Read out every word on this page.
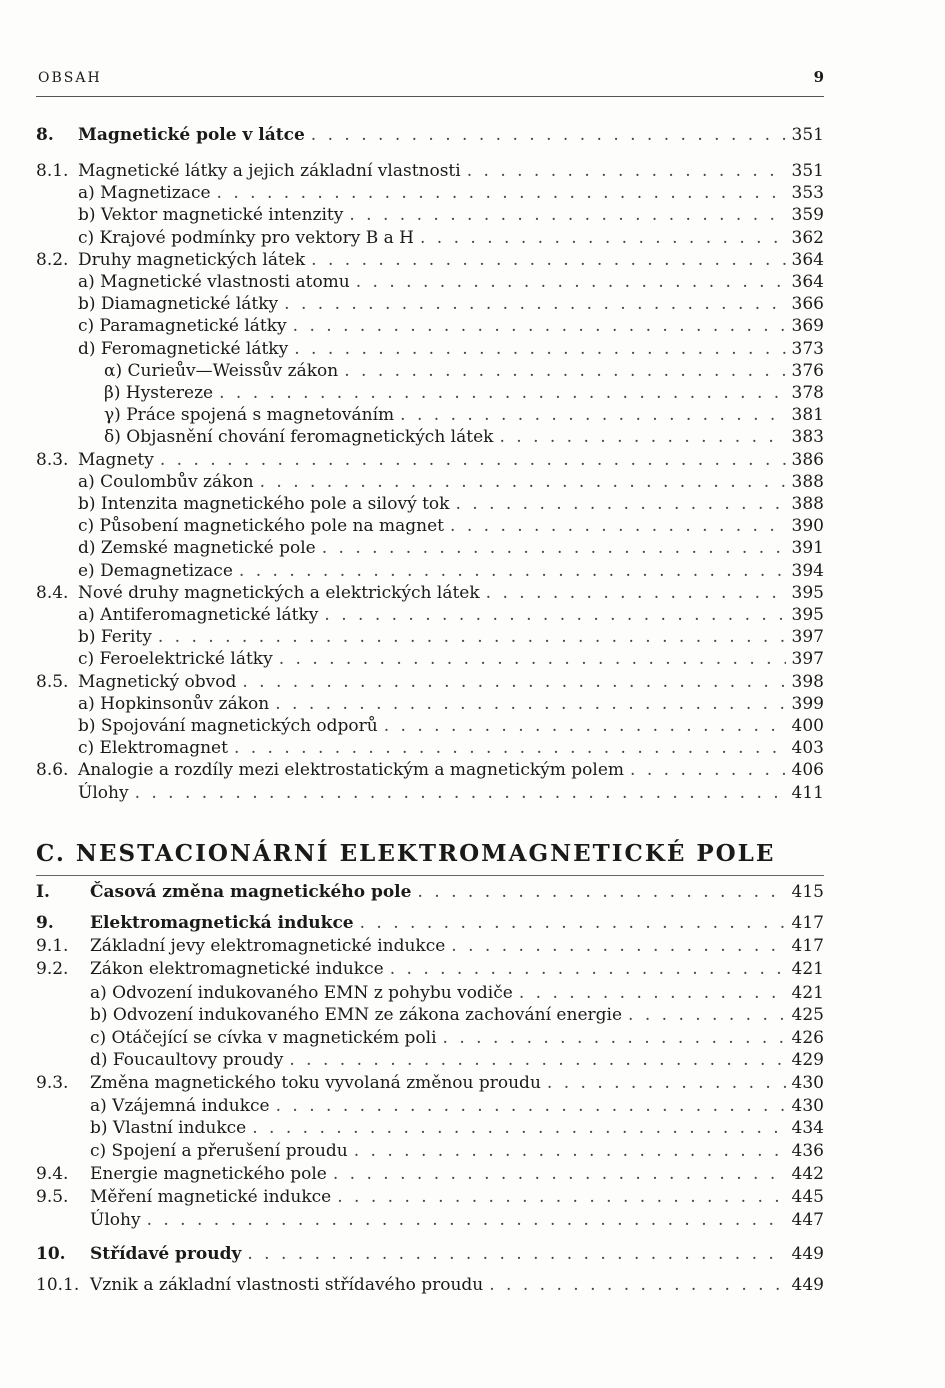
OBSAH	9
8.	Magnetické pole v látce . . .	351
8.1. Magnetické látky a jejich základní vlastnosti . . .	351
a) Magnetizace . . .	353
b) Vektor magnetické intenzity . . .	359
c) Krajové podmínky pro vektory B a H . . .	362
8.2. Druhy magnetických látek . . .	364
a) Magnetické vlastnosti atomu . . .	364
b) Diamagnetické látky . . .	366
c) Paramagnetické látky . . .	369
d) Feromagnetické látky . . .	373
α) Curieův—Weissův zákon . . .	376
β) Hystereze . . .	378
γ) Práce spojená s magnetováním . . .	381
δ) Objasnění chování feromagnetických látek . . .	383
8.3. Magnety . . .	386
a) Coulombův zákon . . .	388
b) Intenzita magnetického pole a silový tok . . .	388
c) Působení magnetického pole na magnet . . .	390
d) Zemské magnetické pole . . .	391
e) Demagnetizace . . .	394
8.4. Nové druhy magnetických a elektrických látek . . .	395
a) Antiferomagnetické látky . . .	395
b) Ferity . . .	397
c) Feroelektrické látky . . .	397
8.5. Magnetický obvod . . .	398
a) Hopkinsonův zákon . . .	399
b) Spojování magnetických odporů . . .	400
c) Elektromagnet . . .	403
8.6. Analogie a rozdíly mezi elektrostatickým a magnetickým polem . . .	406
Úlohy . . .	411
C. NESTACIONÁRNÍ ELEKTROMAGNETICKÉ POLE
I.	Časová změna magnetického pole . . .	415
9.	Elektromagnetická indukce . . .	417
9.1.	Základní jevy elektromagnetické indukce . . .	417
9.2.	Zákon elektromagnetické indukce . . .	421
a) Odvození indukovaného EMN z pohybu vodiče . . .	421
b) Odvození indukovaného EMN ze zákona zachování energie . . .	425
c) Otáčející se cívka v magnetickém poli . . .	426
d) Foucaultovy proudy . . .	429
9.3.	Změna magnetického toku vyvolaná změnou proudu . . .	430
a) Vzájemná indukce . . .	430
b) Vlastní indukce . . .	434
c) Spojení a přerušení proudu . . .	436
9.4.	Energie magnetického pole . . .	442
9.5.	Měření magnetické indukce . . .	445
Úlohy . . .	447
10.	Střídavé proudy . . .	449
10.1. Vznik a základní vlastnosti střídavého proudu . . .	449
